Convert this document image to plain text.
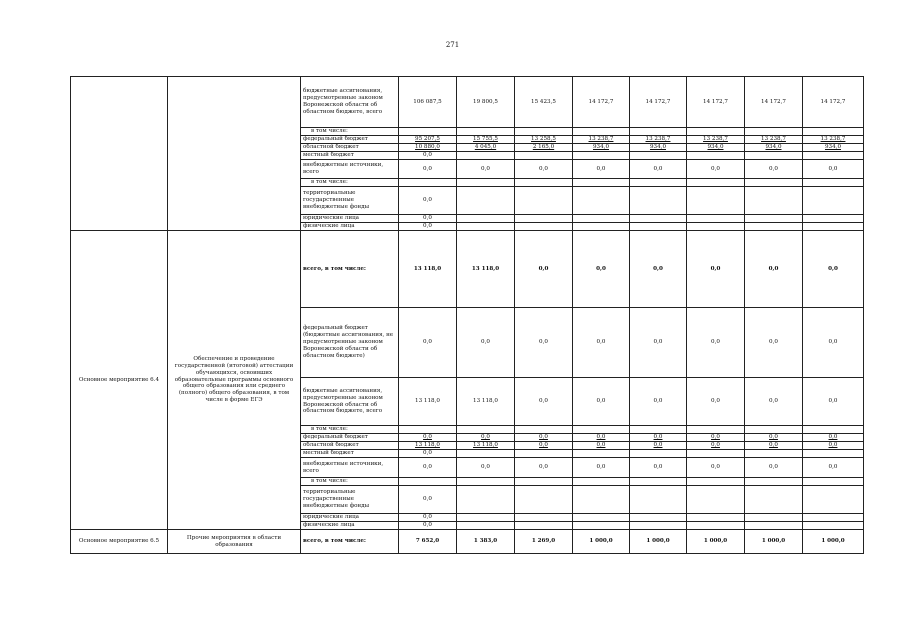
271
		бюджетные ассигнования, предусмотренные законом Воронежской области об областном бюджете, всего	106 087,5	19 800,5	15 423,5	14 172,7	14 172,7	14 172,7	14 172,7	14 172,7
		в том числе:								
		федеральный бюджет	95 207,5	15 755,5	13 258,5	13 238,7	13 238,7	13 238,7	13 238,7	13 238,7
		областной бюджет	10 880,0	4 045,0	2 165,0	934,0	934,0	934,0	934,0	934,0
		местный бюджет	0,0							
		внебюджетные источники, всего	0,0	0,0	0,0	0,0	0,0	0,0	0,0	0,0
		в том числе:								
		территориальные государственные внебюджетные фонды	0,0							
		юридические лица	0,0							
		физические лица	0,0							
Основное мероприятие 6.4	Обеспечение и проведение государственной (итоговой) аттестации обучающихся, освоивших образовательные программы основного общего образования или среднего (полного) общего образования, в том числе в форме ЕГЭ	всего, в том числе:	13 118,0	13 118,0	0,0	0,0	0,0	0,0	0,0	0,0
		федеральный бюджет (бюджетные ассигнования, не предусмотренные законом Воронежской области об областном бюджете)	0,0	0,0	0,0	0,0	0,0	0,0	0,0	0,0
		бюджетные ассигнования, предусмотренные законом Воронежской области об областном бюджете, всего	13 118,0	13 118,0	0,0	0,0	0,0	0,0	0,0	0,0
		в том числе:								
		федеральный бюджет	0,0	0,0	0,0	0,0	0,0	0,0	0,0	0,0
		областной бюджет	13 118,0	13 118,0	0,0	0,0	0,0	0,0	0,0	0,0
		местный бюджет	0,0							
		внебюджетные источники, всего	0,0	0,0	0,0	0,0	0,0	0,0	0,0	0,0
		в том числе:								
		территориальные государственные внебюджетные фонды	0,0							
		юридические лица	0,0							
		физические лица	0,0							
Основное мероприятие 6.5	Прочие мероприятия в области образования	всего, в том числе:	7 652,0	1 383,0	1 269,0	1 000,0	1 000,0	1 000,0	1 000,0	1 000,0
